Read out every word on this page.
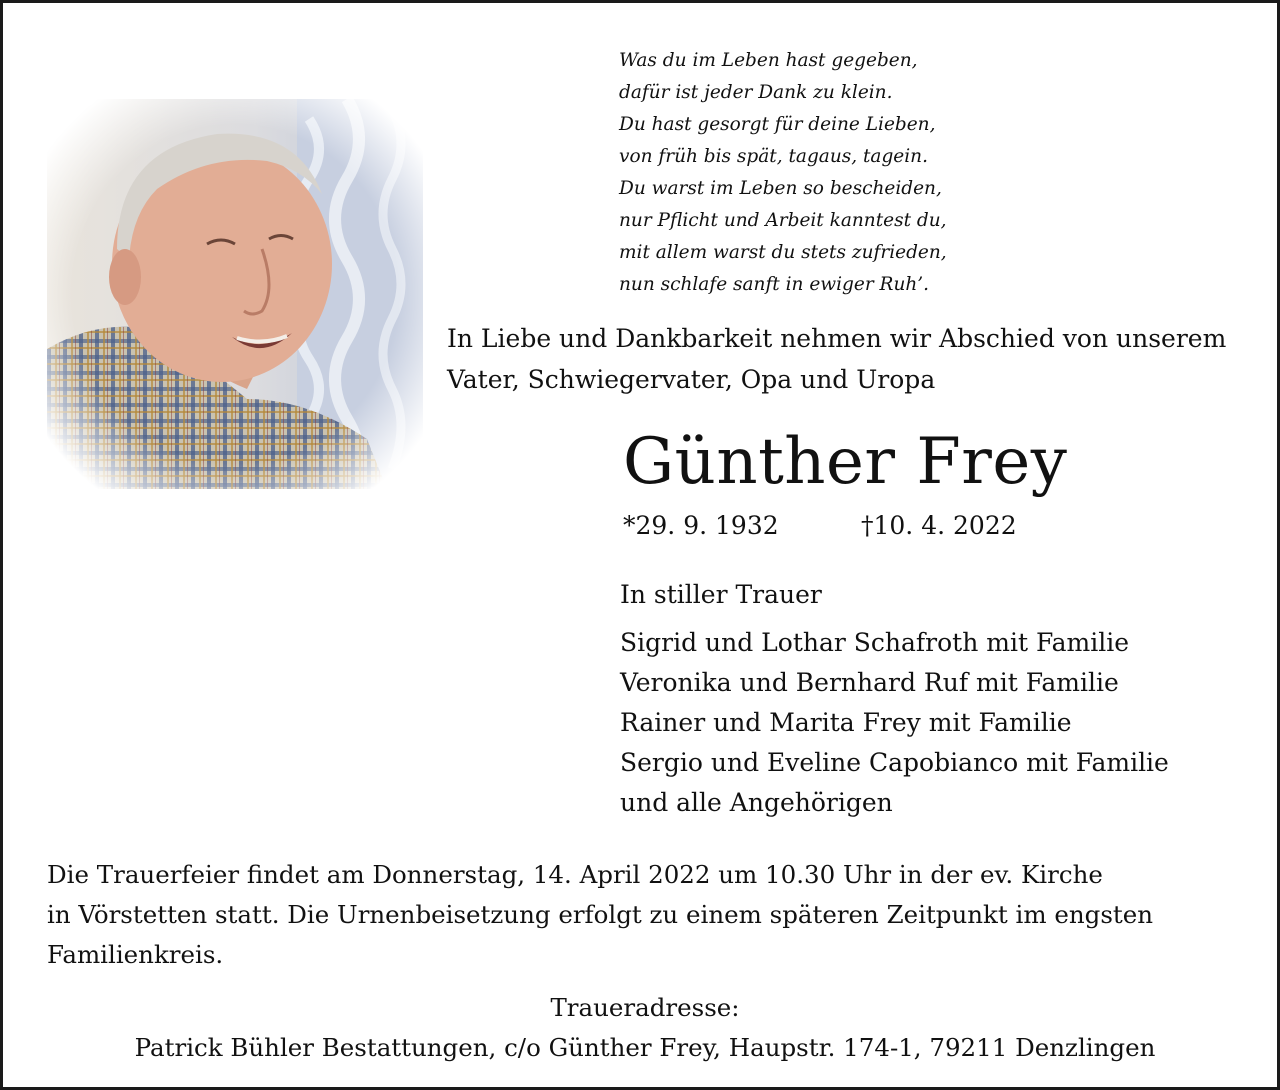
Was du im Leben hast gegeben,
dafür ist jeder Dank zu klein.
Du hast gesorgt für deine Lieben,
von früh bis spät, tagaus, tagein.
Du warst im Leben so bescheiden,
nur Pflicht und Arbeit kanntest du,
mit allem warst du stets zufrieden,
nun schlafe sanft in ewiger Ruh’.
In Liebe und Dankbarkeit nehmen wir Abschied von unserem
Vater, Schwiegervater, Opa und Uropa
Günther Frey
*29. 9. 1932	†10. 4. 2022
In stiller Trauer
Sigrid und Lothar Schafroth mit Familie
Veronika und Bernhard Ruf mit Familie
Rainer und Marita Frey mit Familie
Sergio und Eveline Capobianco mit Familie
und alle Angehörigen
Die Trauerfeier findet am Donnerstag, 14. April 2022 um 10.30 Uhr in der ev. Kirche
in Vörstetten statt. Die Urnenbeisetzung erfolgt zu einem späteren Zeitpunkt im engsten
Familienkreis.
Traueradresse:
Patrick Bühler Bestattungen, c/o Günther Frey, Haupstr. 174-1, 79211 Denzlingen
